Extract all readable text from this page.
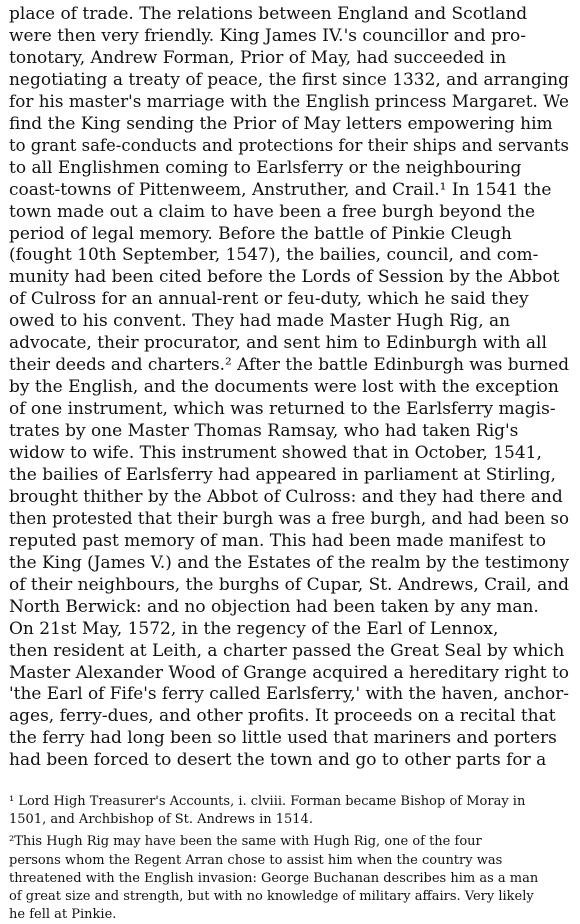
place of trade. The relations between England and Scotland
were then very friendly. King James IV.'s councillor and pro-
tonotary, Andrew Forman, Prior of May, had succeeded in
negotiating a treaty of peace, the first since 1332, and arranging
for his master's marriage with the English princess Margaret. We
find the King sending the Prior of May letters empowering him
to grant safe-conducts and protections for their ships and servants
to all Englishmen coming to Earlsferry or the neighbouring
coast-towns of Pittenweem, Anstruther, and Crail.¹ In 1541 the
town made out a claim to have been a free burgh beyond the
period of legal memory. Before the battle of Pinkie Cleugh
(fought 10th September, 1547), the bailies, council, and com-
munity had been cited before the Lords of Session by the Abbot
of Culross for an annual-rent or feu-duty, which he said they
owed to his convent. They had made Master Hugh Rig, an
advocate, their procurator, and sent him to Edinburgh with all
their deeds and charters.² After the battle Edinburgh was burned
by the English, and the documents were lost with the exception
of one instrument, which was returned to the Earlsferry magis-
trates by one Master Thomas Ramsay, who had taken Rig's
widow to wife. This instrument showed that in October, 1541,
the bailies of Earlsferry had appeared in parliament at Stirling,
brought thither by the Abbot of Culross: and they had there and
then protested that their burgh was a free burgh, and had been so
reputed past memory of man. This had been made manifest to
the King (James V.) and the Estates of the realm by the testimony
of their neighbours, the burghs of Cupar, St. Andrews, Crail, and
North Berwick: and no objection had been taken by any man.
On 21st May, 1572, in the regency of the Earl of Lennox,
then resident at Leith, a charter passed the Great Seal by which
Master Alexander Wood of Grange acquired a hereditary right to
'the Earl of Fife's ferry called Earlsferry,' with the haven, anchor-
ages, ferry-dues, and other profits. It proceeds on a recital that
the ferry had long been so little used that mariners and porters
had been forced to desert the town and go to other parts for a
¹ Lord High Treasurer's Accounts, i. clviii. Forman became Bishop of Moray in
1501, and Archbishop of St. Andrews in 1514.
²This Hugh Rig may have been the same with Hugh Rig, one of the four
persons whom the Regent Arran chose to assist him when the country was
threatened with the English invasion: George Buchanan describes him as a man
of great size and strength, but with no knowledge of military affairs. Very likely
he fell at Pinkie.
